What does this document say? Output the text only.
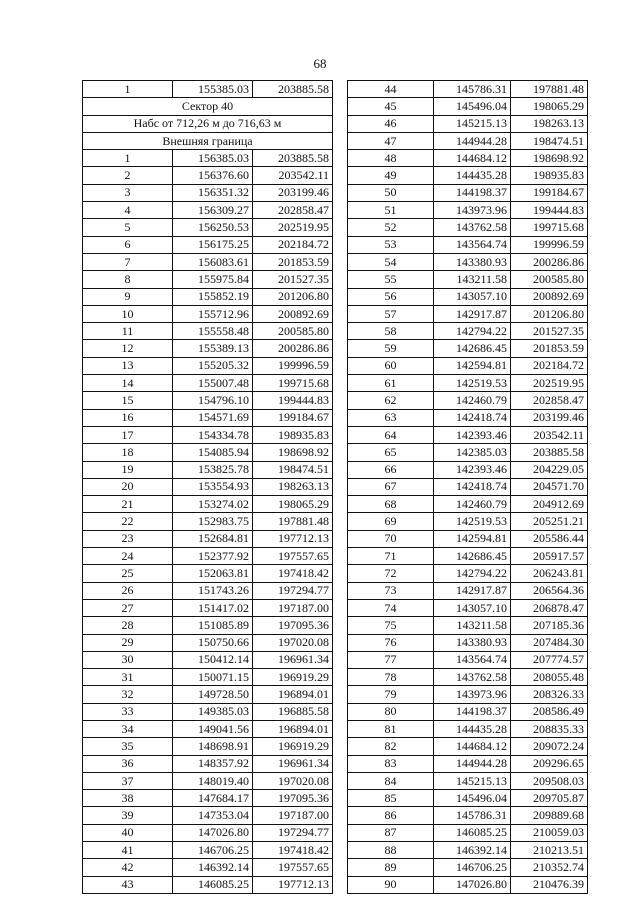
68
1	155385.03	203885.58
Сектор 40		
Набс от 712,26 м до 716,63 м		
Внешняя граница		
1	156385.03	203885.58
2	156376.60	203542.11
3	156351.32	203199.46
4	156309.27	202858.47
5	156250.53	202519.95
6	156175.25	202184.72
7	156083.61	201853.59
8	155975.84	201527.35
9	155852.19	201206.80
10	155712.96	200892.69
11	155558.48	200585.80
12	155389.13	200286.86
13	155205.32	199996.59
14	155007.48	199715.68
15	154796.10	199444.83
16	154571.69	199184.67
17	154334.78	198935.83
18	154085.94	198698.92
19	153825.78	198474.51
20	153554.93	198263.13
21	153274.02	198065.29
22	152983.75	197881.48
23	152684.81	197712.13
24	152377.92	197557.65
25	152063.81	197418.42
26	151743.26	197294.77
27	151417.02	197187.00
28	151085.89	197095.36
29	150750.66	197020.08
30	150412.14	196961.34
31	150071.15	196919.29
32	149728.50	196894.01
33	149385.03	196885.58
34	149041.56	196894.01
35	148698.91	196919.29
36	148357.92	196961.34
37	148019.40	197020.08
38	147684.17	197095.36
39	147353.04	197187.00
40	147026.80	197294.77
41	146706.25	197418.42
42	146392.14	197557.65
43	146085.25	197712.13
44	145786.31	197881.48
45	145496.04	198065.29
46	145215.13	198263.13
47	144944.28	198474.51
48	144684.12	198698.92
49	144435.28	198935.83
50	144198.37	199184.67
51	143973.96	199444.83
52	143762.58	199715.68
53	143564.74	199996.59
54	143380.93	200286.86
55	143211.58	200585.80
56	143057.10	200892.69
57	142917.87	201206.80
58	142794.22	201527.35
59	142686.45	201853.59
60	142594.81	202184.72
61	142519.53	202519.95
62	142460.79	202858.47
63	142418.74	203199.46
64	142393.46	203542.11
65	142385.03	203885.58
66	142393.46	204229.05
67	142418.74	204571.70
68	142460.79	204912.69
69	142519.53	205251.21
70	142594.81	205586.44
71	142686.45	205917.57
72	142794.22	206243.81
73	142917.87	206564.36
74	143057.10	206878.47
75	143211.58	207185.36
76	143380.93	207484.30
77	143564.74	207774.57
78	143762.58	208055.48
79	143973.96	208326.33
80	144198.37	208586.49
81	144435.28	208835.33
82	144684.12	209072.24
83	144944.28	209296.65
84	145215.13	209508.03
85	145496.04	209705.87
86	145786.31	209889.68
87	146085.25	210059.03
88	146392.14	210213.51
89	146706.25	210352.74
90	147026.80	210476.39
